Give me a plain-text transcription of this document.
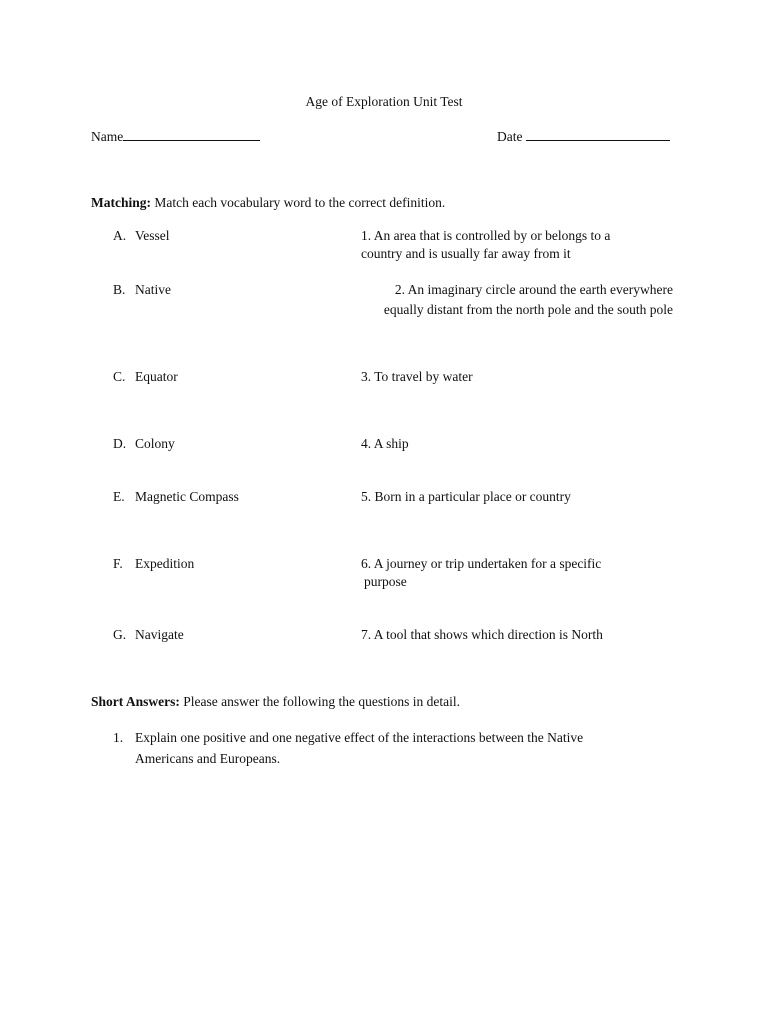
Age of Exploration Unit Test
Name	Date
Matching: Match each vocabulary word to the correct definition.
A. Vessel
B. Native
C. Equator
D. Colony
E. Magnetic Compass
F. Expedition
G. Navigate
1. An area that is controlled by or belongs to a
country and is usually far away from it
2. An imaginary circle around the earth everywhere
equally distant from the north pole and the south pole
3. To travel by water
4. A ship
5. Born in a particular place or country
6. A journey or trip undertaken for a specific
purpose
7. A tool that shows which direction is North
Short Answers: Please answer the following the questions in detail.
1. Explain one positive and one negative effect of the interactions between the Native
Americans and Europeans.
